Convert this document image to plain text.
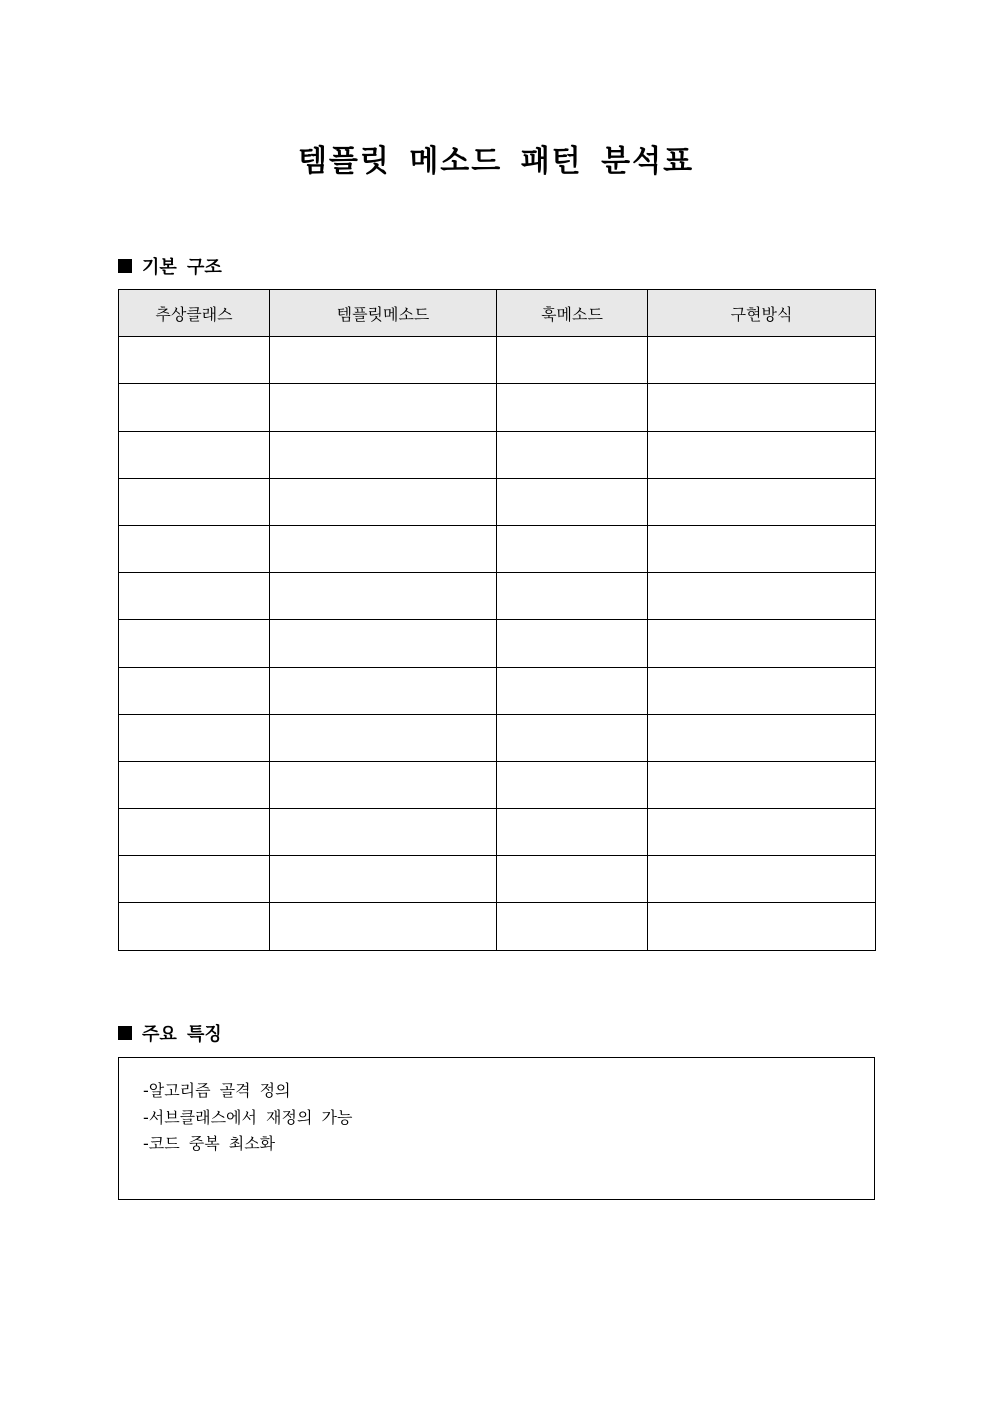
템플릿 메소드 패턴 분석표
기본 구조
추상클래스	템플릿메소드	훅메소드	구현방식

주요 특징
-알고리즘 골격 정의
-서브클래스에서 재정의 가능
-코드 중복 최소화
